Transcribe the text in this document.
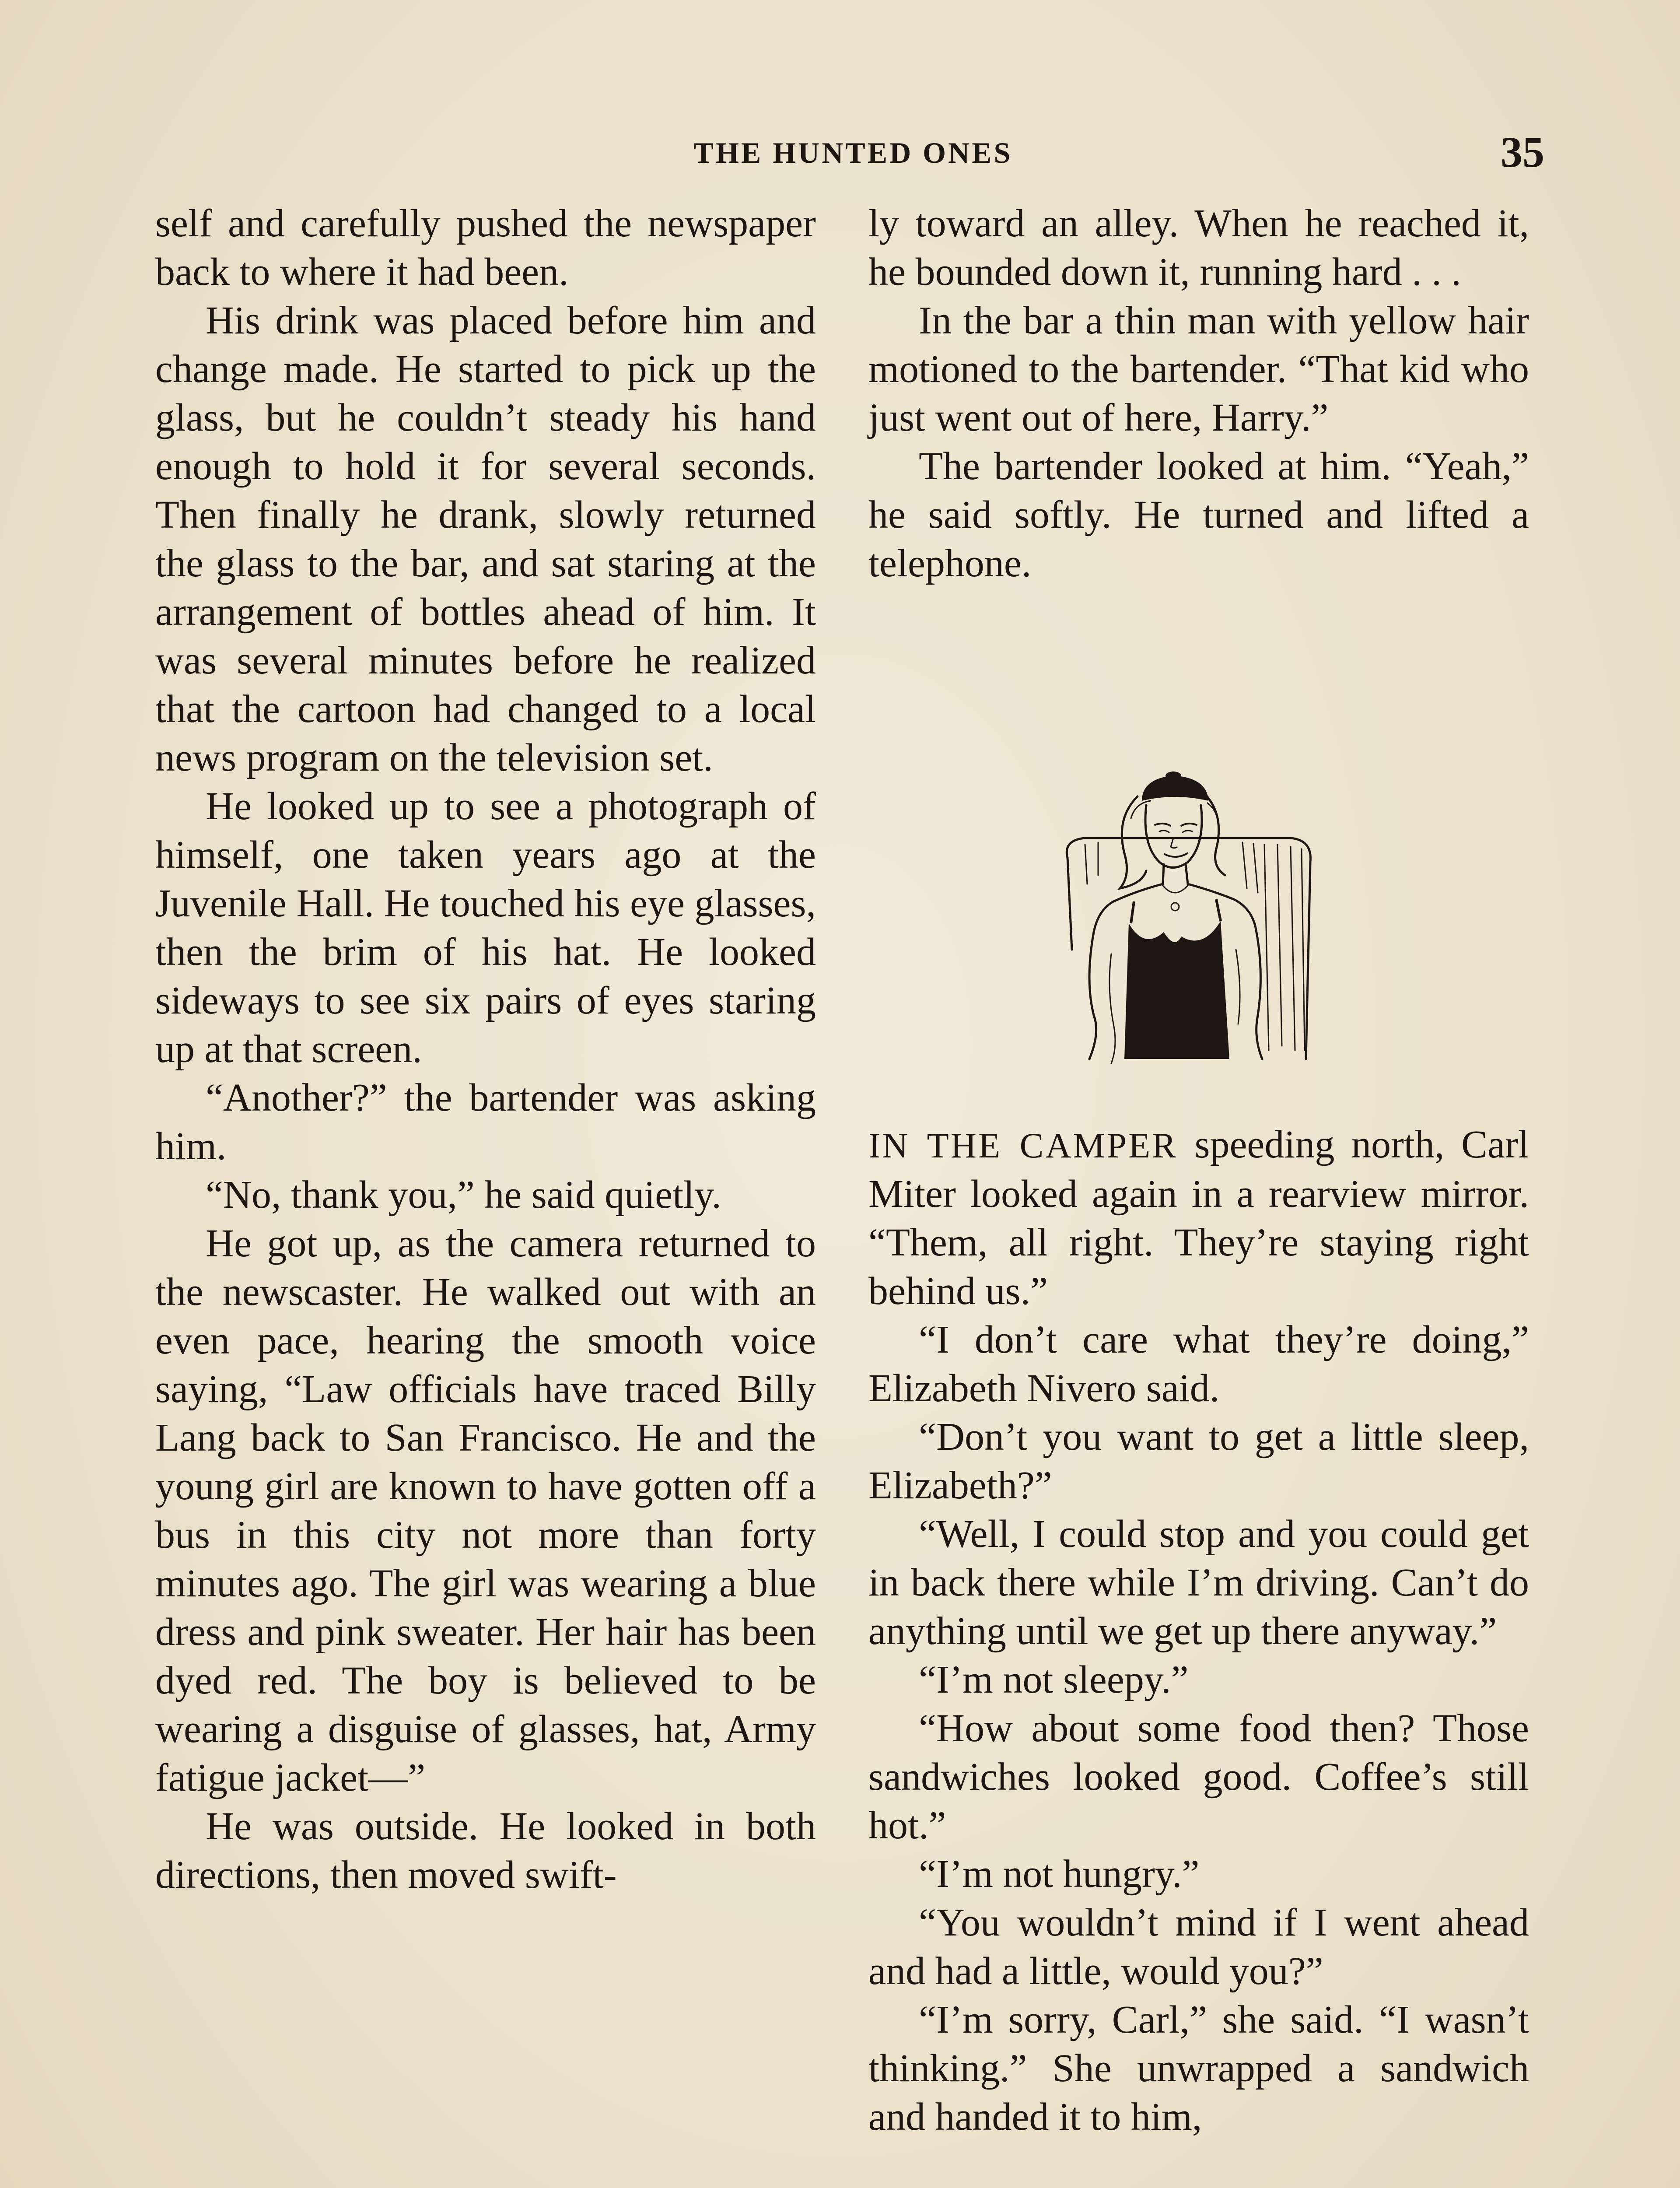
THE HUNTED ONES	35

self and carefully pushed the newspaper back to where it had been.

His drink was placed before him and change made. He started to pick up the glass, but he couldn’t steady his hand enough to hold it for several seconds. Then finally he drank, slowly returned the glass to the bar, and sat staring at the arrangement of bottles ahead of him. It was several minutes before he realized that the cartoon had changed to a local news program on the television set.

He looked up to see a photograph of himself, one taken years ago at the Juvenile Hall. He touched his eye glasses, then the brim of his hat. He looked sideways to see six pairs of eyes staring up at that screen.

“Another?” the bartender was asking him.

“No, thank you,” he said quietly.

He got up, as the camera returned to the newscaster. He walked out with an even pace, hearing the smooth voice saying, “Law officials have traced Billy Lang back to San Francisco. He and the young girl are known to have gotten off a bus in this city not more than forty minutes ago. The girl was wearing a blue dress and pink sweater. Her hair has been dyed red. The boy is believed to be wearing a disguise of glasses, hat, Army fatigue jacket—”

He was outside. He looked in both directions, then moved swift-

ly toward an alley. When he reached it, he bounded down it, running hard . . .

In the bar a thin man with yellow hair motioned to the bartender. “That kid who just went out of here, Harry.”

The bartender looked at him. “Yeah,” he said softly. He turned and lifted a telephone.

IN THE CAMPER speeding north, Carl Miter looked again in a rearview mirror. “Them, all right. They’re staying right behind us.”

“I don’t care what they’re doing,” Elizabeth Nivero said.

“Don’t you want to get a little sleep, Elizabeth?”

“Well, I could stop and you could get in back there while I’m driving. Can’t do anything until we get up there anyway.”

“I’m not sleepy.”

“How about some food then? Those sandwiches looked good. Coffee’s still hot.”

“I’m not hungry.”

“You wouldn’t mind if I went ahead and had a little, would you?”

“I’m sorry, Carl,” she said. “I wasn’t thinking.” She unwrapped a sandwich and handed it to him,
